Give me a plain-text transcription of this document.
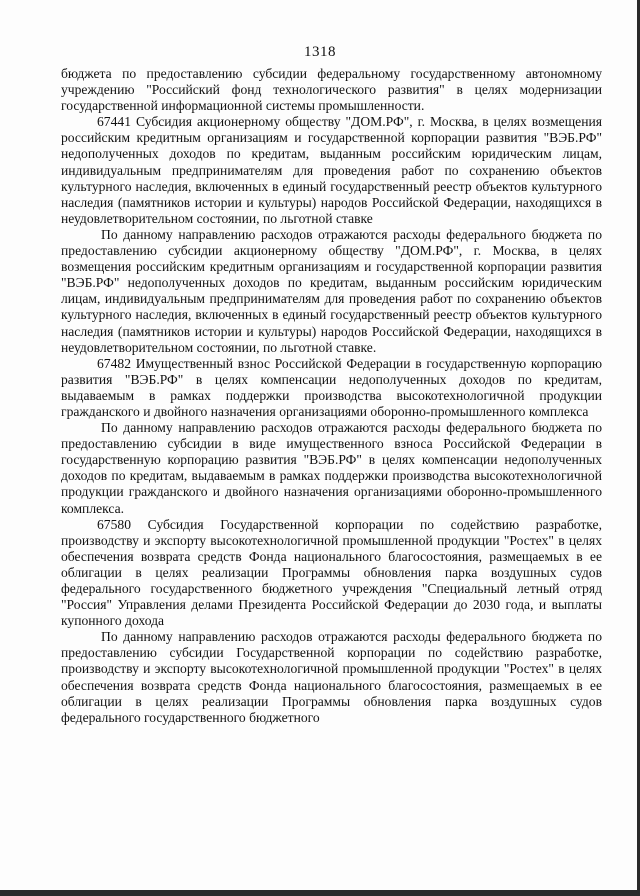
1318

бюджета по предоставлению субсидии федеральному государственному автономному учреждению "Российский фонд технологического развития" в целях модернизации государственной информационной системы промышленности.

67441 Субсидия акционерному обществу "ДОМ.РФ", г. Москва, в целях возмещения российским кредитным организациям и государственной корпорации развития "ВЭБ.РФ" недополученных доходов по кредитам, выданным российским юридическим лицам, индивидуальным предпринимателям для проведения работ по сохранению объектов культурного наследия, включенных в единый государственный реестр объектов культурного наследия (памятников истории и культуры) народов Российской Федерации, находящихся в неудовлетворительном состоянии, по льготной ставке

По данному направлению расходов отражаются расходы федерального бюджета по предоставлению субсидии акционерному обществу "ДОМ.РФ", г. Москва, в целях возмещения российским кредитным организациям и государственной корпорации развития "ВЭБ.РФ" недополученных доходов по кредитам, выданным российским юридическим лицам, индивидуальным предпринимателям для проведения работ по сохранению объектов культурного наследия, включенных в единый государственный реестр объектов культурного наследия (памятников истории и культуры) народов Российской Федерации, находящихся в неудовлетворительном состоянии, по льготной ставке.

67482 Имущественный взнос Российской Федерации в государственную корпорацию развития "ВЭБ.РФ" в целях компенсации недополученных доходов по кредитам, выдаваемым в рамках поддержки производства высокотехнологичной продукции гражданского и двойного назначения организациями оборонно-промышленного комплекса

По данному направлению расходов отражаются расходы федерального бюджета по предоставлению субсидии в виде имущественного взноса Российской Федерации в государственную корпорацию развития "ВЭБ.РФ" в целях компенсации недополученных доходов по кредитам, выдаваемым в рамках поддержки производства высокотехнологичной продукции гражданского и двойного назначения организациями оборонно-промышленного комплекса.

67580 Субсидия Государственной корпорации по содействию разработке, производству и экспорту высокотехнологичной промышленной продукции "Ростех" в целях обеспечения возврата средств Фонда национального благосостояния, размещаемых в ее облигации в целях реализации Программы обновления парка воздушных судов федерального государственного бюджетного учреждения "Специальный летный отряд "Россия" Управления делами Президента Российской Федерации до 2030 года, и выплаты купонного дохода

По данному направлению расходов отражаются расходы федерального бюджета по предоставлению субсидии Государственной корпорации по содействию разработке, производству и экспорту высокотехнологичной промышленной продукции "Ростех" в целях обеспечения возврата средств Фонда национального благосостояния, размещаемых в ее облигации в целях реализации Программы обновления парка воздушных судов федерального государственного бюджетного
